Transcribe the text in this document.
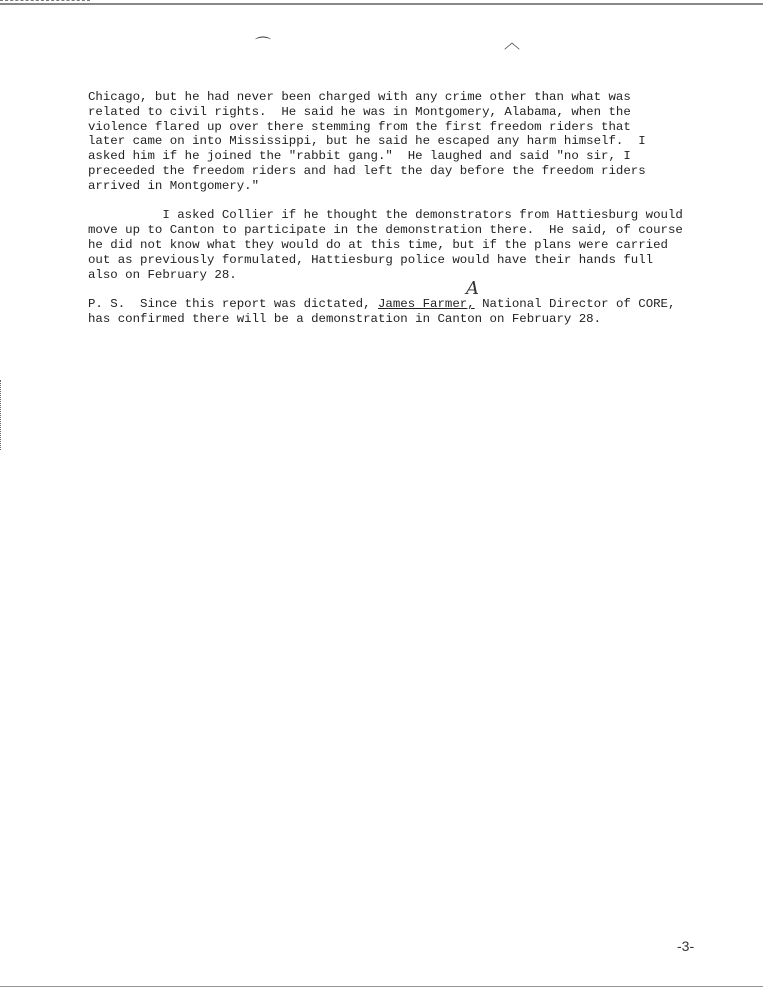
⌒	︿

Chicago, but he had never been charged with any crime other than what was
related to civil rights.  He said he was in Montgomery, Alabama, when the
violence flared up over there stemming from the first freedom riders that
later came on into Mississippi, but he said he escaped any harm himself.  I
asked him if he joined the "rabbit gang."  He laughed and said "no sir, I
preceeded the freedom riders and had left the day before the freedom riders
arrived in Montgomery."

I asked Collier if he thought the demonstrators from Hattiesburg would
move up to Canton to participate in the demonstration there.  He said, of course
he did not know what they would do at this time, but if the plans were carried
out as previously formulated, Hattiesburg police would have their hands full
also on February 28.

P. S.  Since this report was dictated, James Farmer, National Director of CORE,
has confirmed there will be a demonstration in Canton on February 28.

A
-3-
